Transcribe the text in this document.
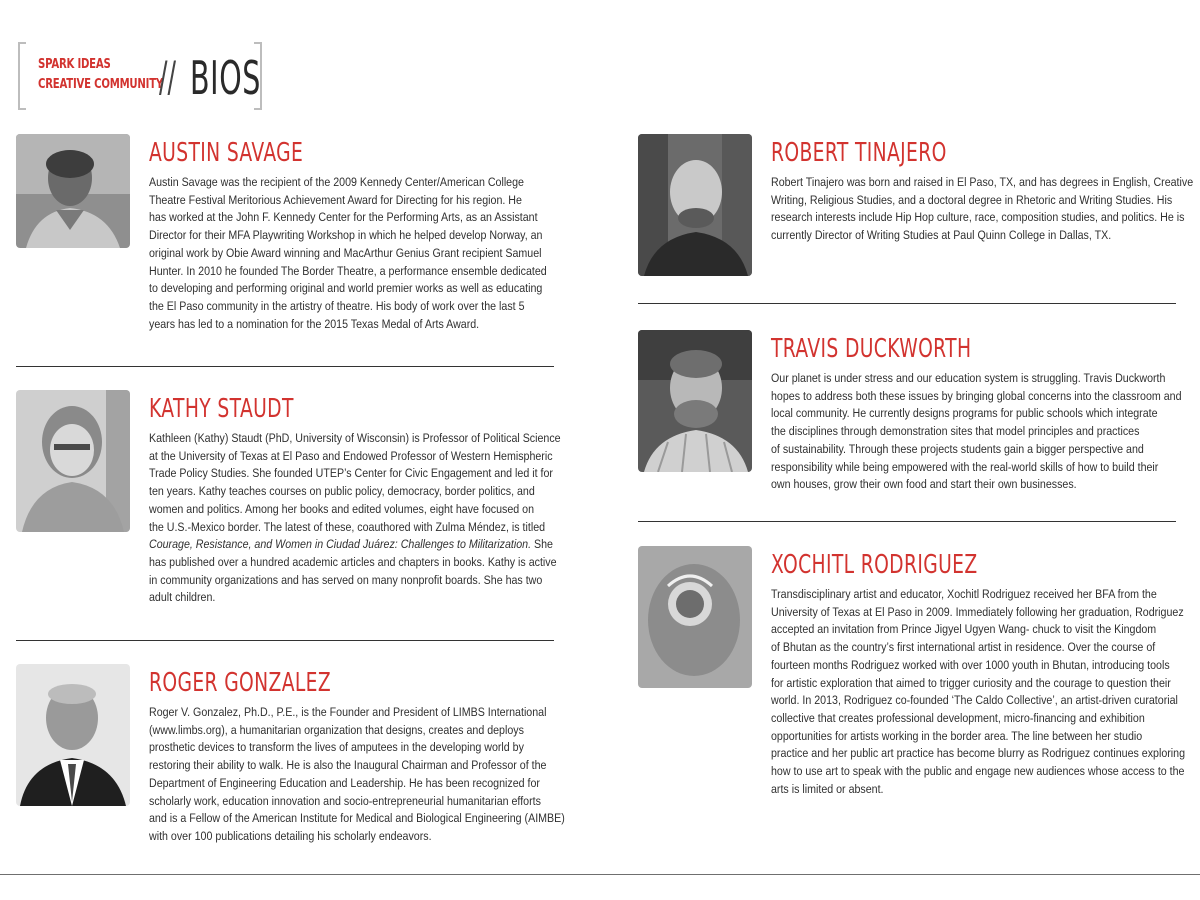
SPARK IDEAS
CREATIVE COMMUNITY
// BIOS
AUSTIN SAVAGE
Austin Savage was the recipient of the 2009 Kennedy Center/American College
Theatre Festival Meritorious Achievement Award for Directing for his region. He
has worked at the John F. Kennedy Center for the Performing Arts, as an Assistant
Director for their MFA Playwriting Workshop in which he helped develop Norway, an
original work by Obie Award winning and MacArthur Genius Grant recipient Samuel
Hunter. In 2010 he founded The Border Theatre, a performance ensemble dedicated
to developing and performing original and world premier works as well as educating
the El Paso community in the artistry of theatre. His body of work over the last 5
years has led to a nomination for the 2015 Texas Medal of Arts Award.
KATHY STAUDT
Kathleen (Kathy) Staudt (PhD, University of Wisconsin) is Professor of Political Science
at the University of Texas at El Paso and Endowed Professor of Western Hemispheric
Trade Policy Studies. She founded UTEP’s Center for Civic Engagement and led it for
ten years. Kathy teaches courses on public policy, democracy, border politics, and
women and politics. Among her books and edited volumes, eight have focused on
the U.S.-Mexico border. The latest of these, coauthored with Zulma Méndez, is titled
Courage, Resistance, and Women in Ciudad Juárez: Challenges to Militarization. She
has published over a hundred academic articles and chapters in books. Kathy is active
in community organizations and has served on many nonprofit boards. She has two
adult children.
ROGER GONZALEZ
Roger V. Gonzalez, Ph.D., P.E., is the Founder and President of LIMBS International
(www.limbs.org), a humanitarian organization that designs, creates and deploys
prosthetic devices to transform the lives of amputees in the developing world by
restoring their ability to walk. He is also the Inaugural Chairman and Professor of the
Department of Engineering Education and Leadership. He has been recognized for
scholarly work, education innovation and socio-entrepreneurial humanitarian efforts
and is a Fellow of the American Institute for Medical and Biological Engineering (AIMBE)
with over 100 publications detailing his scholarly endeavors.
ROBERT TINAJERO
Robert Tinajero was born and raised in El Paso, TX, and has degrees in English, Creative
Writing, Religious Studies, and a doctoral degree in Rhetoric and Writing Studies. His
research interests include Hip Hop culture, race, composition studies, and politics. He is
currently Director of Writing Studies at Paul Quinn College in Dallas, TX.
TRAVIS DUCKWORTH
Our planet is under stress and our education system is struggling. Travis Duckworth
hopes to address both these issues by bringing global concerns into the classroom and
local community. He currently designs programs for public schools which integrate
the disciplines through demonstration sites that model principles and practices
of sustainability. Through these projects students gain a bigger perspective and
responsibility while being empowered with the real-world skills of how to build their
own houses, grow their own food and start their own businesses.
XOCHITL RODRIGUEZ
Transdisciplinary artist and educator, Xochitl Rodriguez received her BFA from the
University of Texas at El Paso in 2009. Immediately following her graduation, Rodriguez
accepted an invitation from Prince Jigyel Ugyen Wang- chuck to visit the Kingdom
of Bhutan as the country’s first international artist in residence. Over the course of
fourteen months Rodriguez worked with over 1000 youth in Bhutan, introducing tools
for artistic exploration that aimed to trigger curiosity and the courage to question their
world. In 2013, Rodriguez co-founded ‘The Caldo Collective’, an artist-driven curatorial
collective that creates professional development, micro-financing and exhibition
opportunities for artists working in the border area. The line between her studio
practice and her public art practice has become blurry as Rodriguez continues exploring
how to use art to speak with the public and engage new audiences whose access to the
arts is limited or absent.
